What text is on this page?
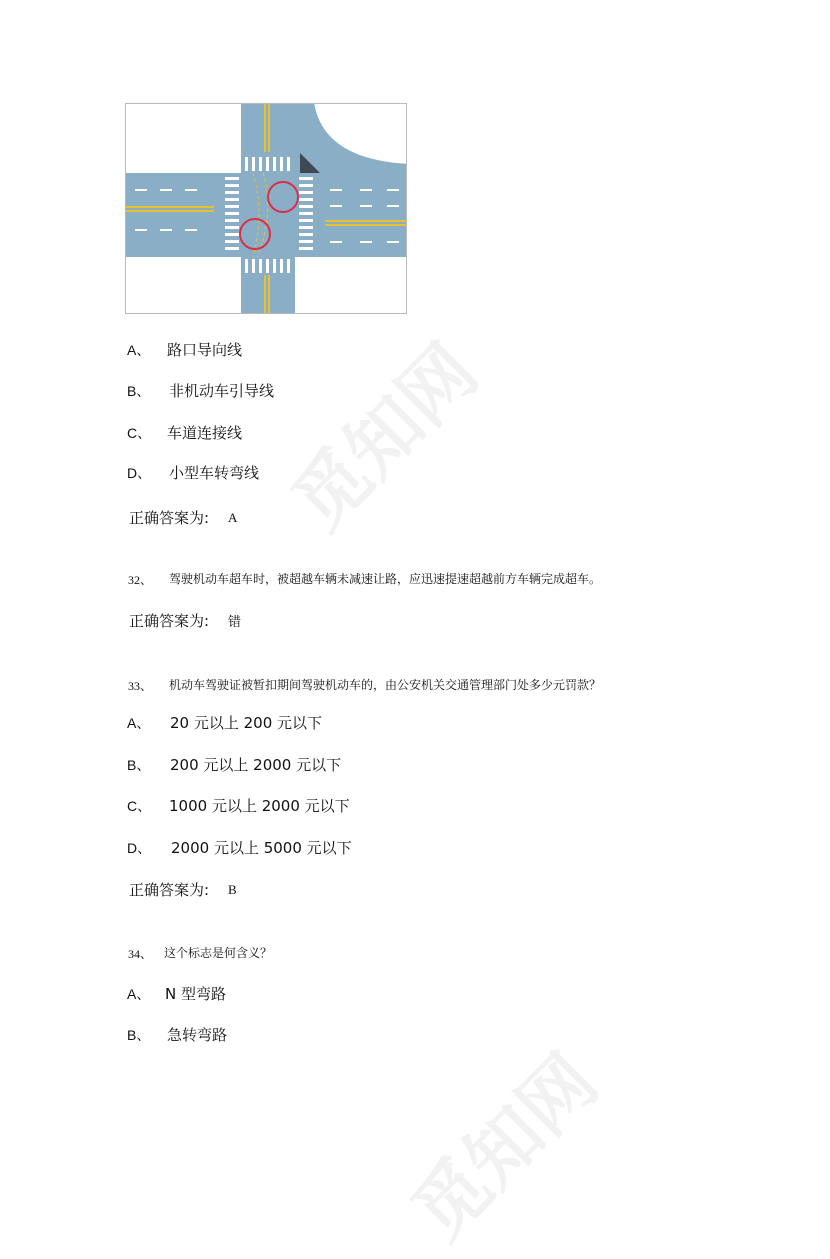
觅知网
觅知网
A、 路口导向线
B、 非机动车引导线
C、 车道连接线
D、 小型车转弯线
正确答案为: A
32、 驾驶机动车超车时，被超越车辆未减速让路，应迅速提速超越前方车辆完成超车。
正确答案为: 错
33、 机动车驾驶证被暂扣期间驾驶机动车的，由公安机关交通管理部门处多少元罚款？
A、 20 元以上 200 元以下
B、 200 元以上 2000 元以下
C、 1000 元以上 2000 元以下
D、 2000 元以上 5000 元以下
正确答案为: B
34、 这个标志是何含义？
A、 N 型弯路
B、 急转弯路
